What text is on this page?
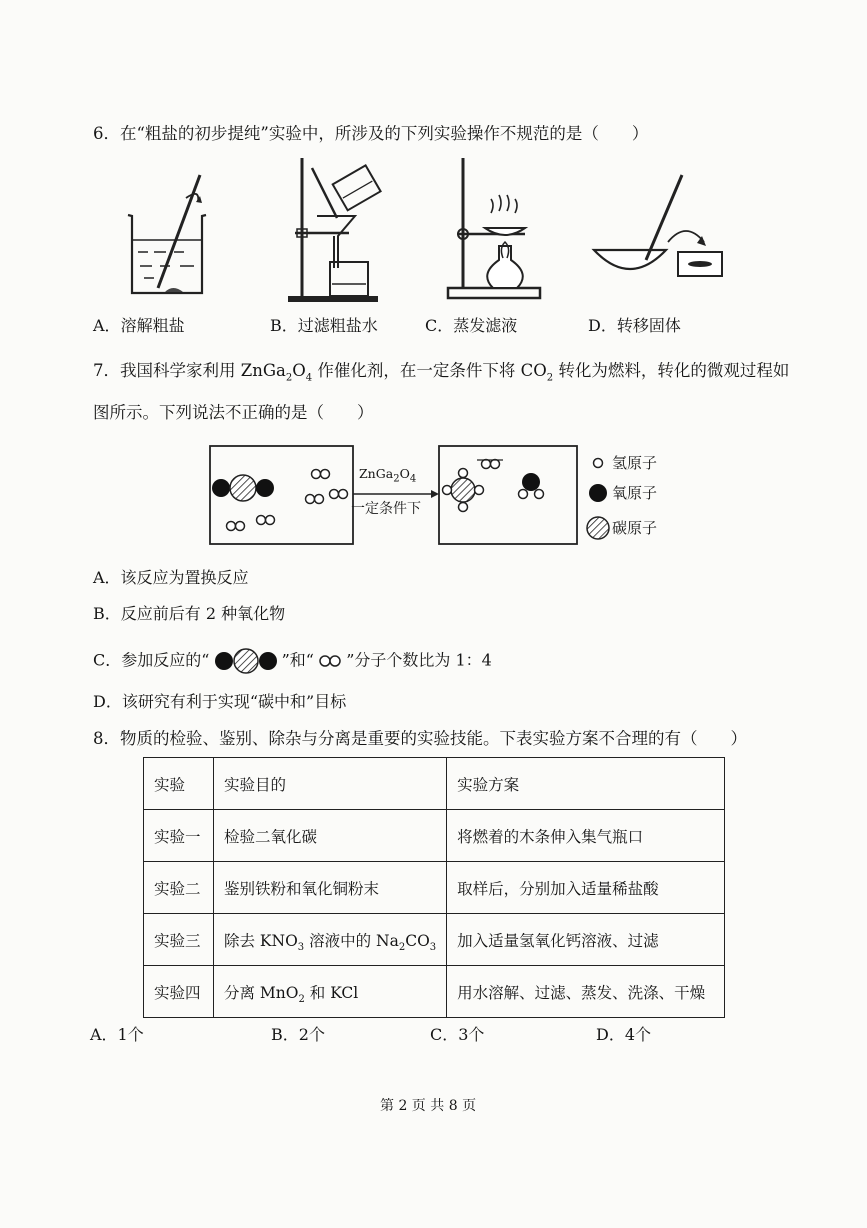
6．在“粗盐的初步提纯”实验中，所涉及的下列实验操作不规范的是（　　）
A．溶解粗盐	B．过滤粗盐水	C．蒸发滤液	D．转移固体
7．我国科学家利用 $ZnGa_2O_4$ 作催化剂，在一定条件下将 $CO_2$ 转化为燃料，转化的微观过程如
图所示。下列说法不正确的是（　　）
$ZnGa_2O_4$
一定条件下
氢原子
氧原子
碳原子
A．该反应为置换反应
B．反应前后有 2 种氧化物
C．参加反应的“	”和“ ”分子个数比为 1：4
D．该研究有利于实现“碳中和”目标
8．物质的检验、鉴别、除杂与分离是重要的实验技能。下表实验方案不合理的有（　　）
实验	实验目的	实验方案
实验一	检验二氧化碳	将燃着的木条伸入集气瓶口
实验二	鉴别铁粉和氧化铜粉末	取样后，分别加入适量稀盐酸
实验三	除去 $KNO_3$ 溶液中的 $Na_2CO_3$	加入适量氢氧化钙溶液、过滤
实验四	分离 MnO$_2$ 和 KCl	用水溶解、过滤、蒸发、洗涤、干燥
A．1个	B．2个	C．3个	D．4个
第 2 页 共 8 页
